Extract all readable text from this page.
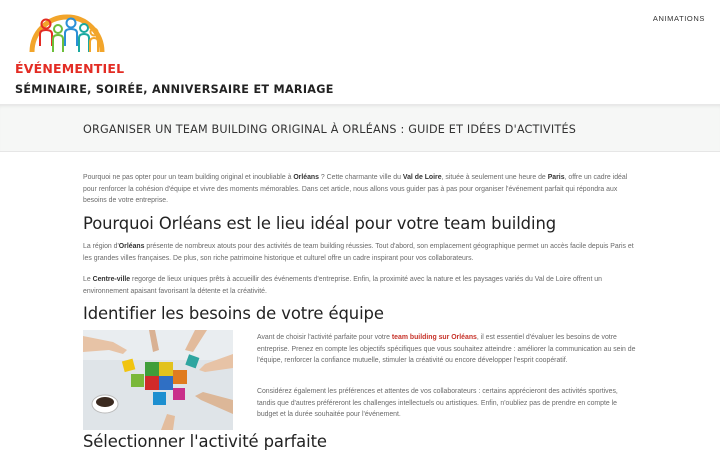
ÉVÉNEMENTIEL
SÉMINAIRE, SOIRÉE, ANNIVERSAIRE ET MARIAGE
ANIMATIONS
ORGANISER UN TEAM BUILDING ORIGINAL À ORLÉANS : GUIDE ET IDÉES D'ACTIVITÉS

Pourquoi ne pas opter pour un team building original et inoubliable à Orléans ? Cette charmante ville du Val de Loire, située à seulement une heure de Paris, offre un cadre idéal pour renforcer la cohésion d'équipe et vivre des moments mémorables. Dans cet article, nous allons vous guider pas à pas pour organiser l'événement parfait qui répondra aux besoins de votre entreprise.

Pourquoi Orléans est le lieu idéal pour votre team building

La région d'Orléans présente de nombreux atouts pour des activités de team building réussies. Tout d'abord, son emplacement géographique permet un accès facile depuis Paris et les grandes villes françaises. De plus, son riche patrimoine historique et culturel offre un cadre inspirant pour vos collaborateurs.

Le Centre-ville regorge de lieux uniques prêts à accueillir des événements d'entreprise. Enfin, la proximité avec la nature et les paysages variés du Val de Loire offrent un environnement apaisant favorisant la détente et la créativité.

Identifier les besoins de votre équipe

Avant de choisir l'activité parfaite pour votre team building sur Orléans, il est essentiel d'évaluer les besoins de votre entreprise. Prenez en compte les objectifs spécifiques que vous souhaitez atteindre : améliorer la communication au sein de l'équipe, renforcer la confiance mutuelle, stimuler la créativité ou encore développer l'esprit coopératif.

Considérez également les préférences et attentes de vos collaborateurs : certains apprécieront des activités sportives, tandis que d'autres préféreront les challenges intellectuels ou artistiques. Enfin, n'oubliez pas de prendre en compte le budget et la durée souhaitée pour l'événement.

Sélectionner l'activité parfaite
